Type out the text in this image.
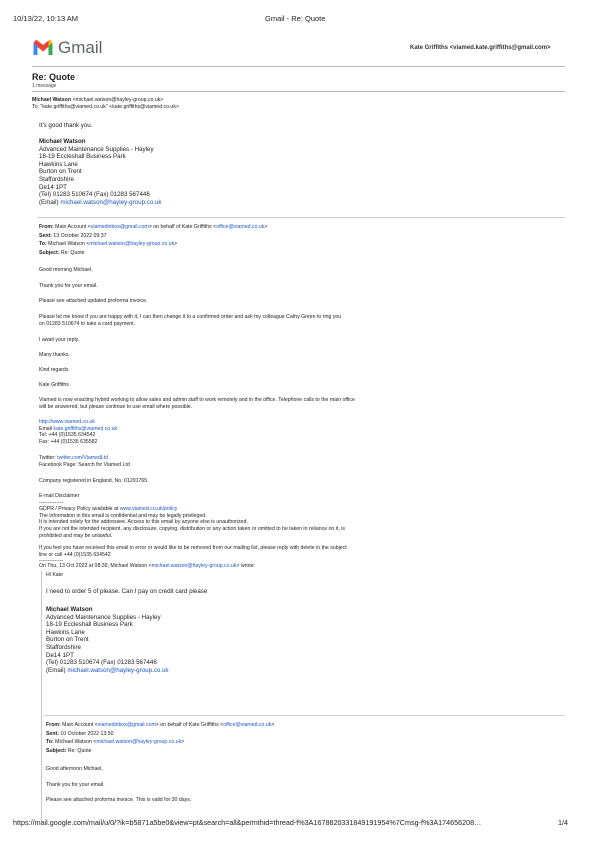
10/13/22, 10:13 AM	Gmail - Re: Quote
Gmail	Kate Griffiths <viamed.kate.griffiths@gmail.com>
Re: Quote
1 message
Michael Watson <michael.watson@hayley-group.co.uk>
To: "kate.griffiths@viamed.co.uk" <kate.griffiths@viamed.co.uk>
It's good thank you.
Michael Watson
Advanced Maintenance Supplies - Hayley
18-19 Eccleshall Business Park
Hawkins Lane
Burton on Trent
Staffordshire
De14 1PT
(Tel) 01283 510674 (Fax) 01283 567446
(Email) michael.watson@hayley-group.co.uk
From: Main Account <viamedinbox@gmail.com> on behalf of Kate Griffiths <office@viamed.co.uk>
Sent: 13 October 2022 09:37
To: Michael Watson <michael.watson@hayley-group.co.uk>
Subject: Re: Quote
Good morning Michael,
Thank you for your email.
Please see attached updated proforma invoice.
Please let me know if you are happy with it, I can then change it to a confirmed order and ask my colleague Cathy Green to ring you
on 01283 510674 to take a card payment.
I await your reply.
Many thanks.
Kind regards
Kate Griffiths
Viamed is now enacting hybrid working to allow sales and admin staff to work remotely and in the office. Telephone calls to the main office
will be answered, but please continue to use email where possible.
http://www.viamed.co.uk
Email kate.griffiths@viamed.co.uk
Tel: +44 (0)1535 634542
Fax: +44 (0)1535 635582
Twitter: twitter.com/ViamedLtd
Facebook Page: Search for Viamed Ltd
Company registered in England, No. 01291765.
E-mail Disclaimer
--------------
GDPR / Privacy Policy available at www.viamed.co.uk/policy
The information in this email is confidential and may be legally privileged.
It is intended solely for the addressee. Access to this email by anyone else is unauthorized.
If you are not the intended recipient, any disclosure, copying, distribution or any action taken or omitted to be taken in reliance on it, is
prohibited and may be unlawful.
If you feel you have received this email in error or would like to be removed from our mailing list, please reply with delete in the subject
line or call +44 (0)1535 634542
--------------
On Thu, 13 Oct 2022 at 08:39, Michael Watson <michael.watson@hayley-group.co.uk> wrote:
Hi Kate
I need to order 5 of please. Can I pay on credit card please
Michael Watson
Advanced Maintenance Supplies - Hayley
18-19 Eccleshall Business Park
Hawkins Lane
Burton on Trent
Staffordshire
De14 1PT
(Tel) 01283 510674 (Fax) 01283 567446
(Email) michael.watson@hayley-group.co.uk
From: Main Account <viamedinbox@gmail.com> on behalf of Kate Griffiths <office@viamed.co.uk>
Sent: 10 October 2022 13:50
To: Michael Watson <michael.watson@hayley-group.co.uk>
Subject: Re: Quote
Good afternoon Michael,
Thank you for your email.
Please see attached proforma invoice. This is valid for 30 days.
https://mail.google.com/mail/u/0/?ik=b5871a5be0&view=pt&search=all&permthid=thread-f%3A1678820331849191954%7Cmsg-f%3A174656208…	1/4
